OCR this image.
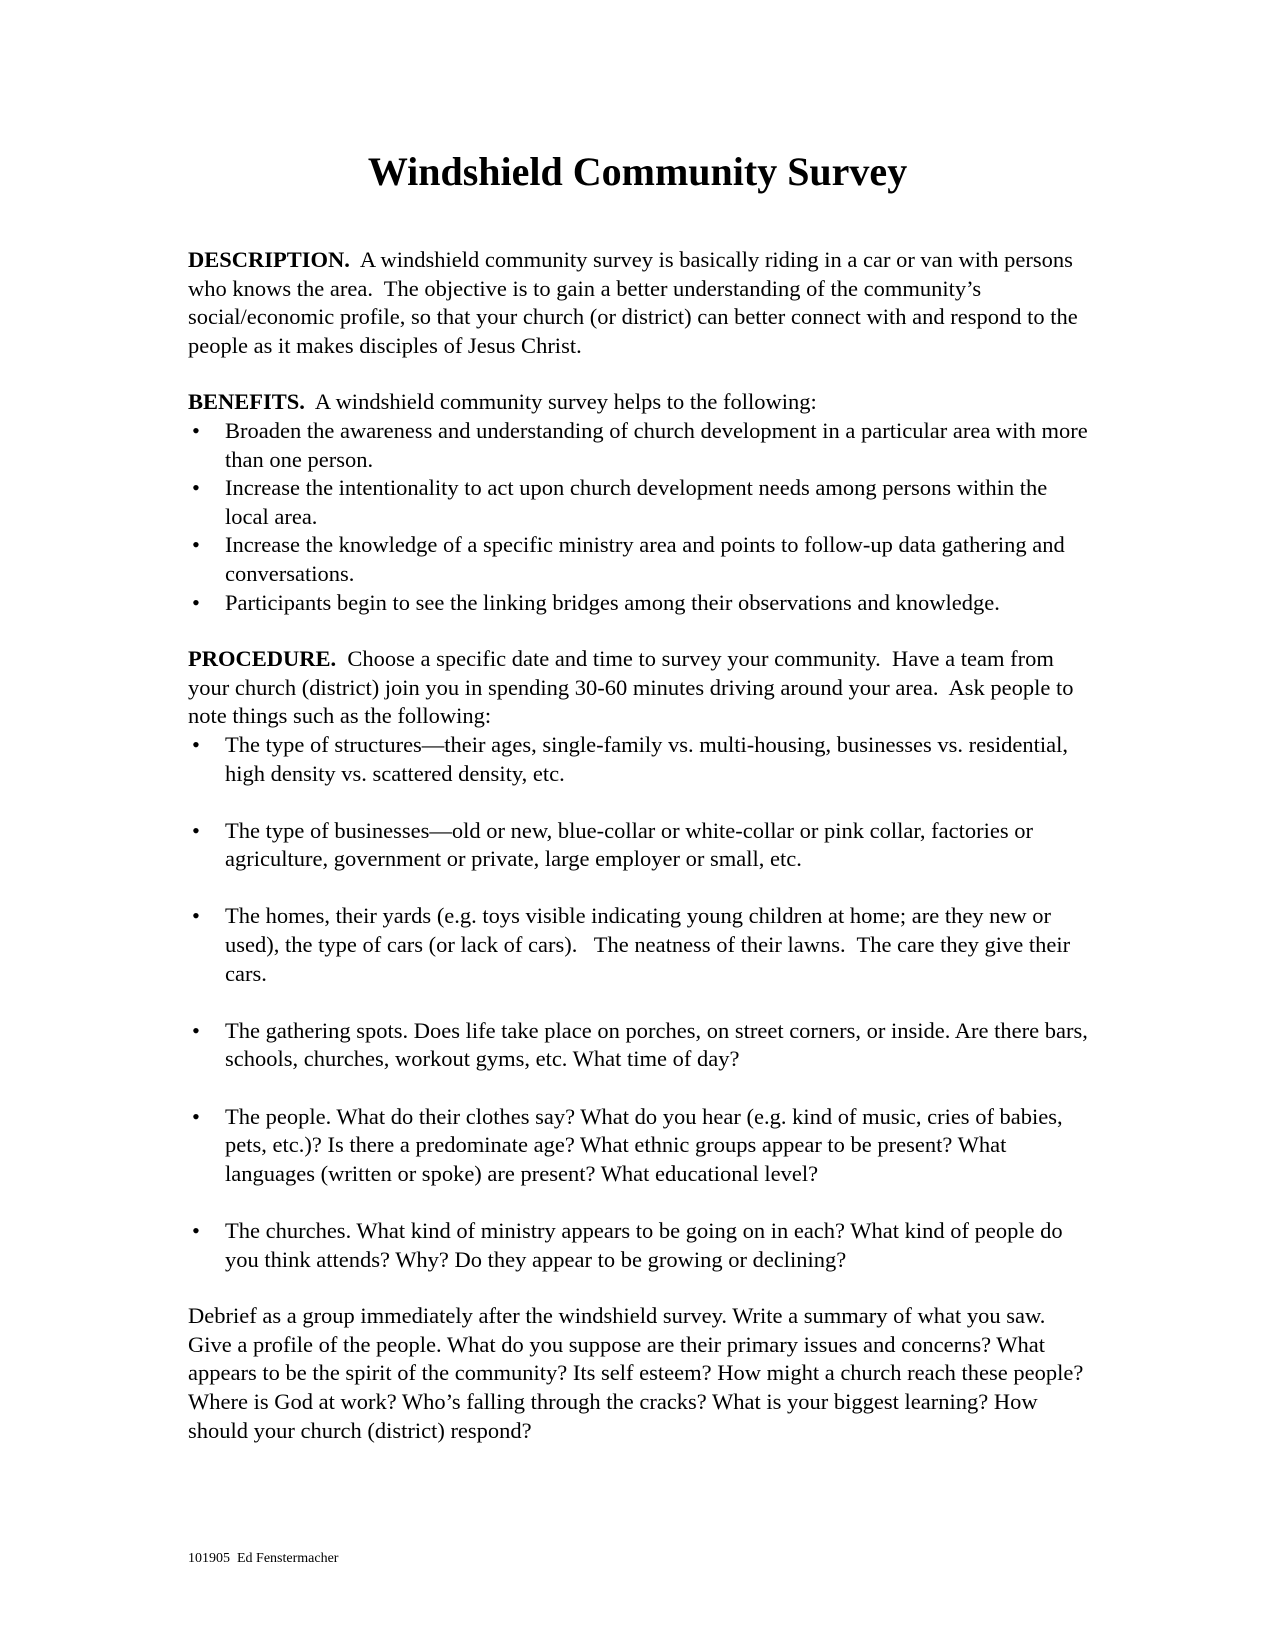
Windshield Community Survey

DESCRIPTION.  A windshield community survey is basically riding in a car or van with persons who knows the area.  The objective is to gain a better understanding of the community’s social/economic profile, so that your church (or district) can better connect with and respond to the people as it makes disciples of Jesus Christ.

BENEFITS.  A windshield community survey helps to the following:

•	Broaden the awareness and understanding of church development in a particular area with more than one person.
•	Increase the intentionality to act upon church development needs among persons within the local area.
•	Increase the knowledge of a specific ministry area and points to follow-up data gathering and conversations.
•	Participants begin to see the linking bridges among their observations and knowledge.

PROCEDURE.  Choose a specific date and time to survey your community.  Have a team from your church (district) join you in spending 30-60 minutes driving around your area.  Ask people to note things such as the following:

•	The type of structures—their ages, single-family vs. multi-housing, businesses vs. residential, high density vs. scattered density, etc.
•	The type of businesses—old or new, blue-collar or white-collar or pink collar, factories or agriculture, government or private, large employer or small, etc.
•	The homes, their yards (e.g. toys visible indicating young children at home; are they new or used), the type of cars (or lack of cars).   The neatness of their lawns.  The care they give their cars.
•	The gathering spots. Does life take place on porches, on street corners, or inside. Are there bars, schools, churches, workout gyms, etc. What time of day?
•	The people. What do their clothes say? What do you hear (e.g. kind of music, cries of babies, pets, etc.)? Is there a predominate age? What ethnic groups appear to be present? What languages (written or spoke) are present? What educational level?
•	The churches. What kind of ministry appears to be going on in each? What kind of people do you think attends? Why? Do they appear to be growing or declining?

Debrief as a group immediately after the windshield survey. Write a summary of what you saw. Give a profile of the people. What do you suppose are their primary issues and concerns? What appears to be the spirit of the community? Its self esteem? How might a church reach these people? Where is God at work? Who’s falling through the cracks? What is your biggest learning? How should your church (district) respond?

101905  Ed Fenstermacher
